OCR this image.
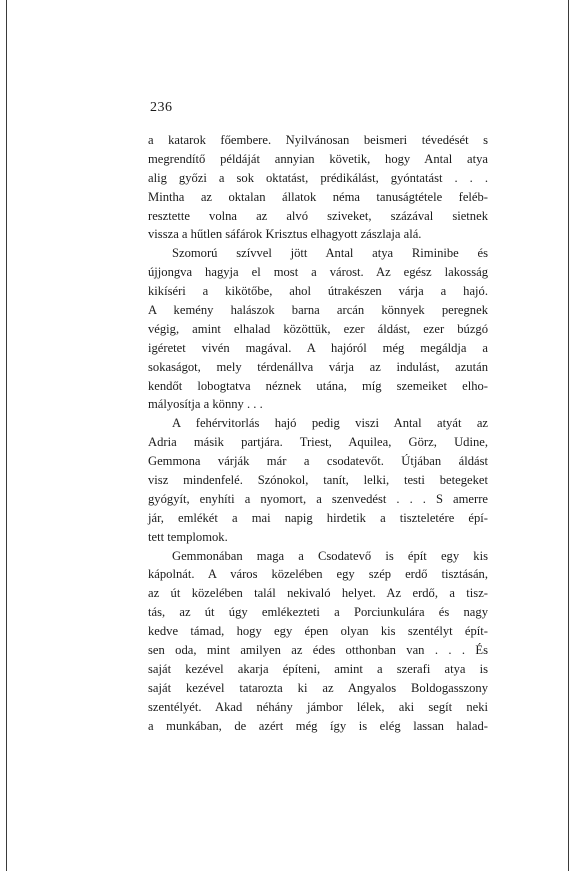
236
a katarok főembere. Nyilvánosan beismeri tévedését s
megrendítő példáját annyian követik, hogy Antal atya
alig győzi a sok oktatást, prédikálást, gyóntatást . . .
Mintha az oktalan állatok néma tanuságtétele feléb-
resztette volna az alvó sziveket, százával sietnek
vissza a hűtlen sáfárok Krisztus elhagyott zászlaja alá.
Szomorú szívvel jött Antal atya Riminibe és
újjongva hagyja el most a várost. Az egész lakosság
kikíséri a kikötőbe, ahol útrakészen várja a hajó.
A kemény halászok barna arcán könnyek peregnek
végig, amint elhalad közöttük, ezer áldást, ezer búzgó
igéretet vivén magával. A hajóról még megáldja a
sokaságot, mely térdenállva várja az indulást, azután
kendőt lobogtatva néznek utána, míg szemeiket elho-
mályosítja a könny . . .
A fehérvitorlás hajó pedig viszi Antal atyát az
Adria másik partjára. Triest, Aquilea, Görz, Udine,
Gemmona várják már a csodatevőt. Útjában áldást
visz mindenfelé. Szónokol, tanít, lelki, testi betegeket
gyógyít, enyhíti a nyomort, a szenvedést . . . S amerre
jár, emlékét a mai napig hirdetik a tiszteletére épí-
tett templomok.
Gemmonában maga a Csodatevő is épít egy kis
kápolnát. A város közelében egy szép erdő tisztásán,
az út közelében talál nekivaló helyet. Az erdő, a tisz-
tás, az út úgy emlékezteti a Porciunkulára és nagy
kedve támad, hogy egy épen olyan kis szentélyt épít-
sen oda, mint amilyen az édes otthonban van . . . És
saját kezével akarja építeni, amint a szerafi atya is
saját kezével tatarozta ki az Angyalos Boldogasszony
szentélyét. Akad néhány jámbor lélek, aki segít neki
a munkában, de azért még így is elég lassan halad-
